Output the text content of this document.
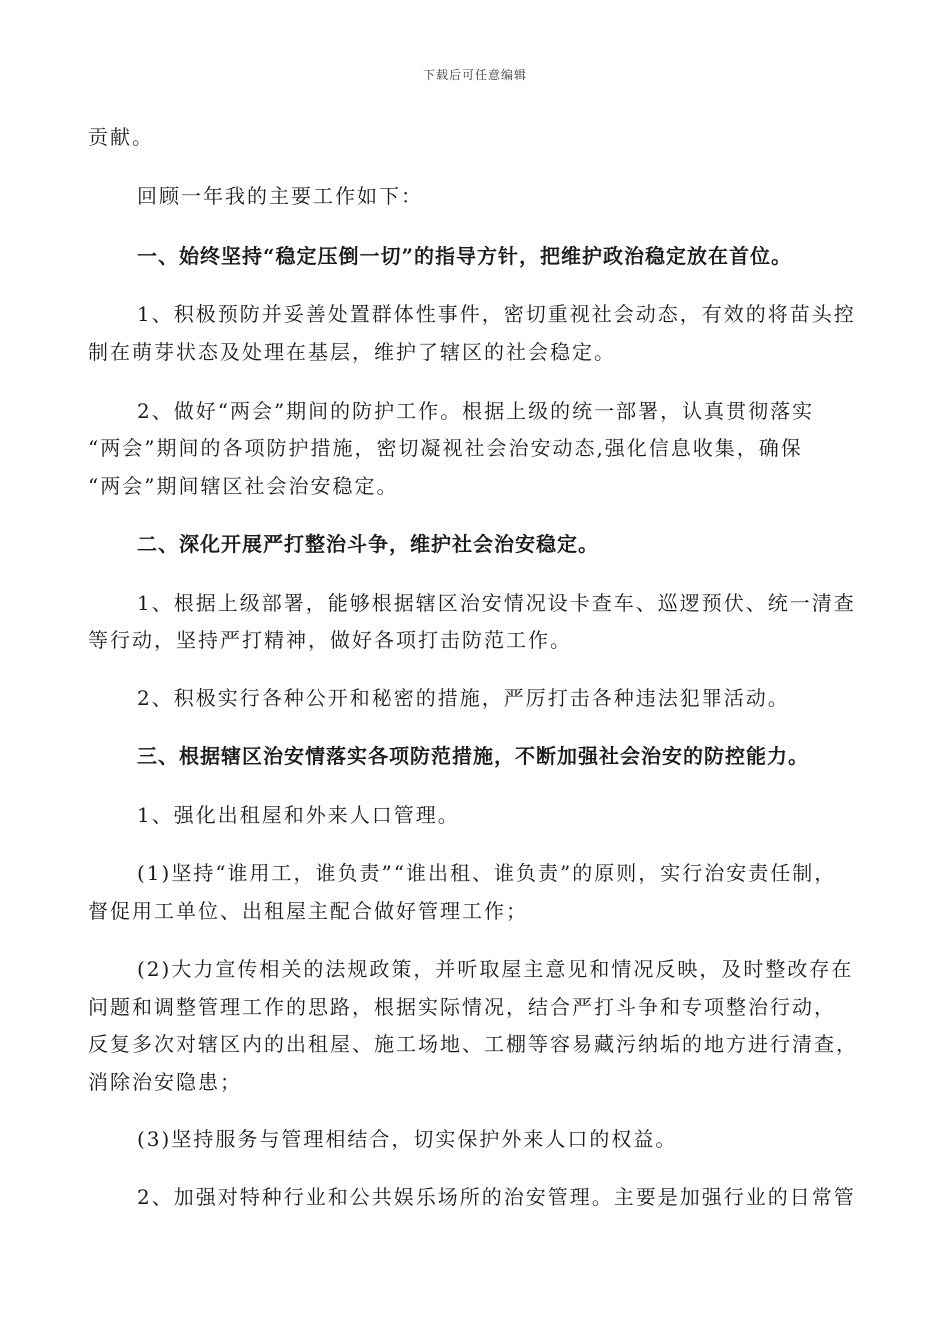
下载后可任意编辑
贡献。
回顾一年我的主要工作如下：
一、始终坚持“稳定压倒一切”的指导方针，把维护政治稳定放在首位。
1、积极预防并妥善处置群体性事件，密切重视社会动态，有效的将苗头控
制在萌芽状态及处理在基层，维护了辖区的社会稳定。
2、做好“两会”期间的防护工作。根据上级的统一部署，认真贯彻落实
“两会”期间的各项防护措施，密切凝视社会治安动态,强化信息收集，确保
“两会”期间辖区社会治安稳定。
二、深化开展严打整治斗争，维护社会治安稳定。
1、根据上级部署，能够根据辖区治安情况设卡查车、巡逻预伏、统一清查
等行动，坚持严打精神，做好各项打击防范工作。
2、积极实行各种公开和秘密的措施，严厉打击各种违法犯罪活动。
三、根据辖区治安情落实各项防范措施，不断加强社会治安的防控能力。
1、强化出租屋和外来人口管理。
(1)坚持“谁用工，谁负责”“谁出租、谁负责”的原则，实行治安责任制，
督促用工单位、出租屋主配合做好管理工作；
(2)大力宣传相关的法规政策，并听取屋主意见和情况反映，及时整改存在
问题和调整管理工作的思路，根据实际情况，结合严打斗争和专项整治行动，
反复多次对辖区内的出租屋、施工场地、工棚等容易藏污纳垢的地方进行清查，
消除治安隐患；
(3)坚持服务与管理相结合，切实保护外来人口的权益。
2、加强对特种行业和公共娱乐场所的治安管理。主要是加强行业的日常管
